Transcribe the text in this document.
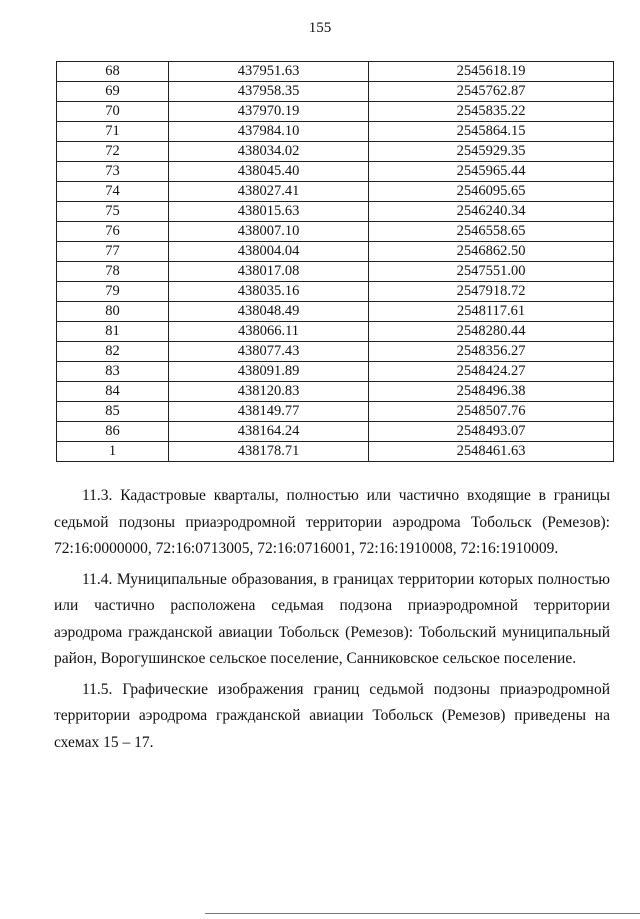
155
68	437951.63	2545618.19
69	437958.35	2545762.87
70	437970.19	2545835.22
71	437984.10	2545864.15
72	438034.02	2545929.35
73	438045.40	2545965.44
74	438027.41	2546095.65
75	438015.63	2546240.34
76	438007.10	2546558.65
77	438004.04	2546862.50
78	438017.08	2547551.00
79	438035.16	2547918.72
80	438048.49	2548117.61
81	438066.11	2548280.44
82	438077.43	2548356.27
83	438091.89	2548424.27
84	438120.83	2548496.38
85	438149.77	2548507.76
86	438164.24	2548493.07
1	438178.71	2548461.63

11.3. Кадастровые кварталы, полностью или частично входящие в границы седьмой подзоны приаэродромной территории аэродрома Тобольск (Ремезов): 72:16:0000000, 72:16:0713005, 72:16:0716001, 72:16:1910008, 72:16:1910009.

11.4. Муниципальные образования, в границах территории которых полностью или частично расположена седьмая подзона приаэродромной территории аэродрома гражданской авиации Тобольск (Ремезов): Тобольский муниципальный район, Ворогушинское сельское поселение, Санниковское сельское поселение.

11.5. Графические изображения границ седьмой подзоны приаэродромной территории аэродрома гражданской авиации Тобольск (Ремезов) приведены на схемах 15 – 17.
